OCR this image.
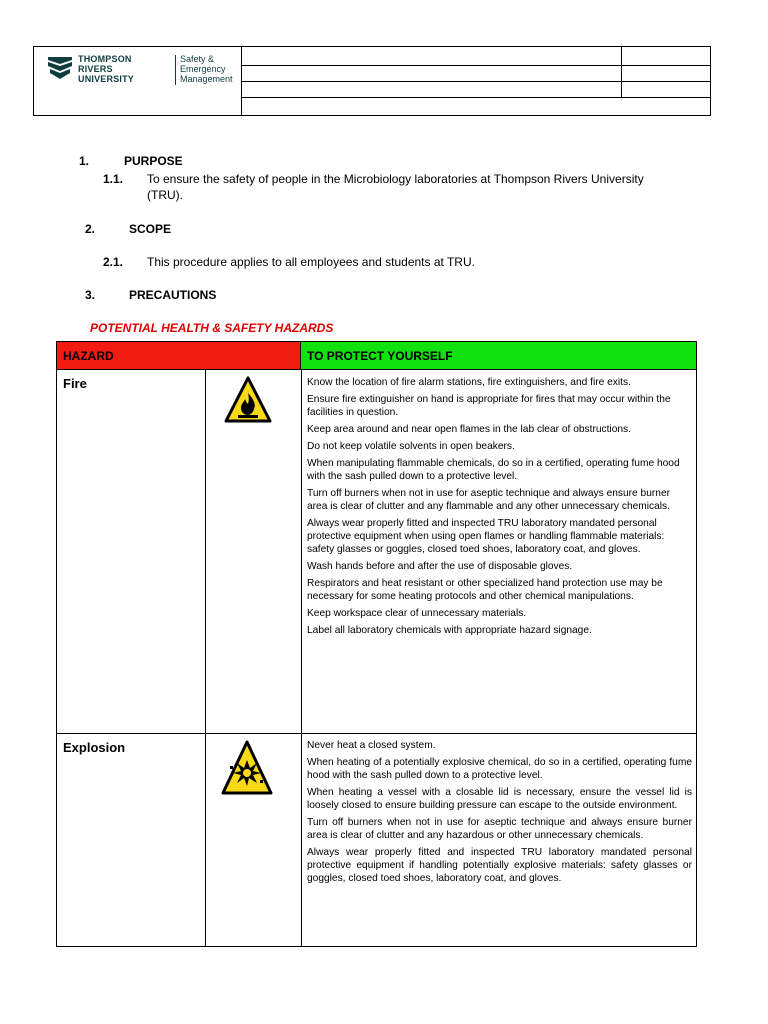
THOMPSON
RIVERS
UNIVERSITY
Safety &
Emergency
Management
1.	PURPOSE
1.1. To ensure the safety of people in the Microbiology laboratories at Thompson Rivers University
(TRU).
2.	SCOPE
2.1. This procedure applies to all employees and students at TRU.
3.	PRECAUTIONS
POTENTIAL HEALTH & SAFETY HAZARDS
HAZARD	TO PROTECT YOURSELF
Fire	Know the location of fire alarm stations, fire extinguishers, and fire exits.
Ensure fire extinguisher on hand is appropriate for fires that may occur within the facilities in question.
Keep area around and near open flames in the lab clear of obstructions.
Do not keep volatile solvents in open beakers.
When manipulating flammable chemicals, do so in a certified, operating fume hood with the sash pulled down to a protective level.
Turn off burners when not in use for aseptic technique and always ensure burner area is clear of clutter and any flammable and any other unnecessary chemicals.
Always wear properly fitted and inspected TRU laboratory mandated personal protective equipment when using open flames or handling flammable materials: safety glasses or goggles, closed toed shoes, laboratory coat, and gloves.
Wash hands before and after the use of disposable gloves.
Respirators and heat resistant or other specialized hand protection use may be necessary for some heating protocols and other chemical manipulations.
Keep workspace clear of unnecessary materials.
Label all laboratory chemicals with appropriate hazard signage.
Explosion	Never heat a closed system.
When heating of a potentially explosive chemical, do so in a certified, operating fume hood with the sash pulled down to a protective level.
When heating a vessel with a closable lid is necessary, ensure the vessel lid is loosely closed to ensure building pressure can escape to the outside environment.
Turn off burners when not in use for aseptic technique and always ensure burner area is clear of clutter and any hazardous or other unnecessary chemicals.
Always wear properly fitted and inspected TRU laboratory mandated personal protective equipment if handling potentially explosive materials: safety glasses or goggles, closed toed shoes, laboratory coat, and gloves.
